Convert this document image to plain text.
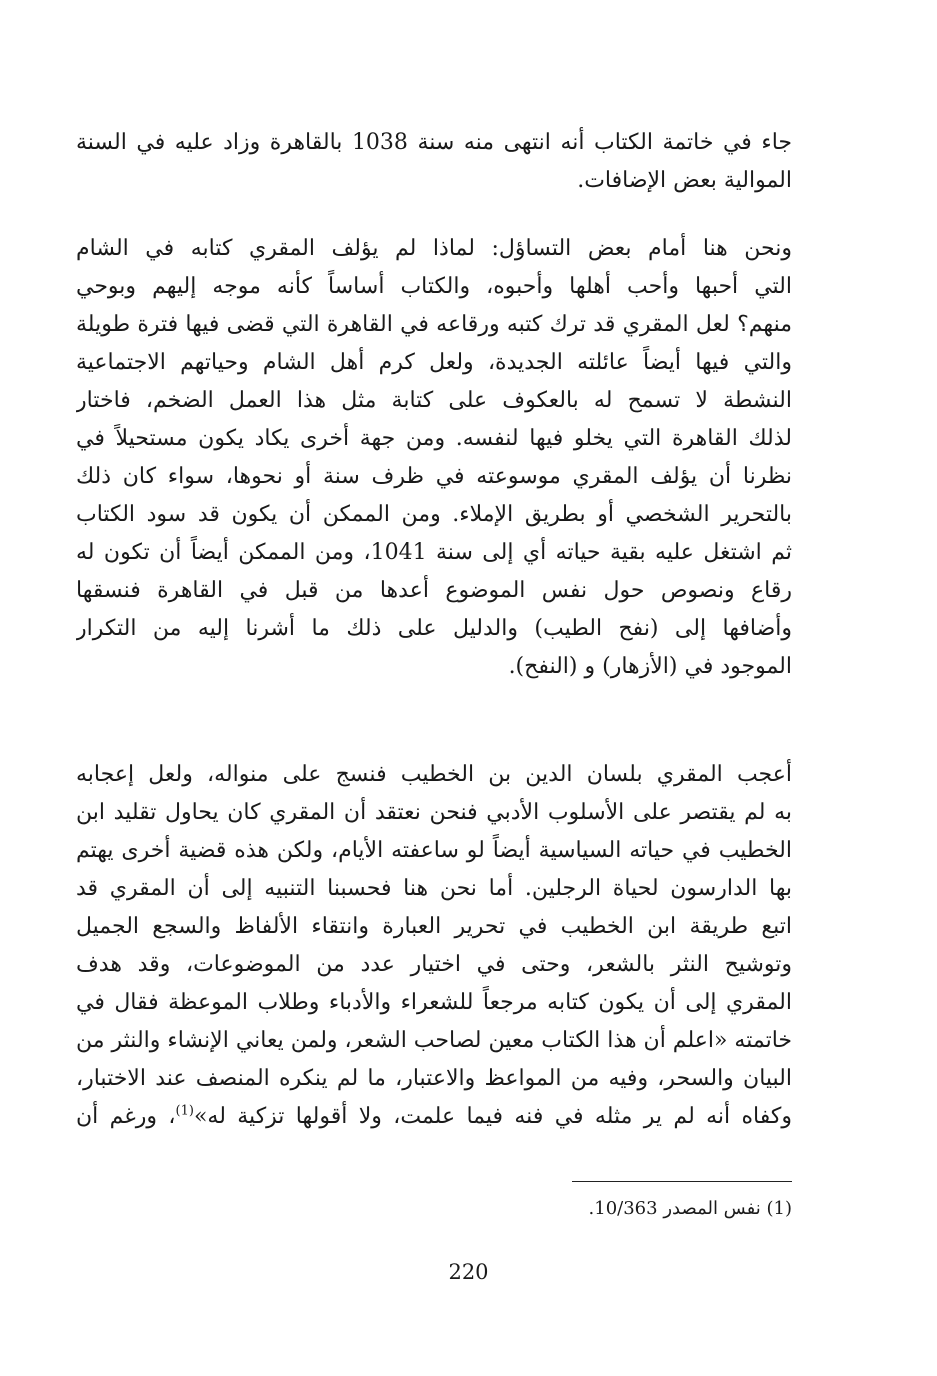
جاء في خاتمة الكتاب أنه انتهى منه سنة 1038 بالقاهرة وزاد عليه في السنة
الموالية بعض الإضافات.
ونحن هنا أمام بعض التساؤل: لماذا لم يؤلف المقري كتابه في الشام
التي أحبها وأحب أهلها وأحبوه، والكتاب أساساً كأنه موجه إليهم وبوحي
منهم؟ لعل المقري قد ترك كتبه ورقاعه في القاهرة التي قضى فيها فترة طويلة
والتي فيها أيضاً عائلته الجديدة، ولعل كرم أهل الشام وحياتهم الاجتماعية
النشطة لا تسمح له بالعكوف على كتابة مثل هذا العمل الضخم، فاختار
لذلك القاهرة التي يخلو فيها لنفسه. ومن جهة أخرى يكاد يكون مستحيلاً في
نظرنا أن يؤلف المقري موسوعته في ظرف سنة أو نحوها، سواء كان ذلك
بالتحرير الشخصي أو بطريق الإملاء. ومن الممكن أن يكون قد سود الكتاب
ثم اشتغل عليه بقية حياته أي إلى سنة 1041، ومن الممكن أيضاً أن تكون له
رقاع ونصوص حول نفس الموضوع أعدها من قبل في القاهرة فنسقها
وأضافها إلى (نفح الطيب) والدليل على ذلك ما أشرنا إليه من التكرار
الموجود في (الأزهار) و (النفح).
أعجب المقري بلسان الدين بن الخطيب فنسج على منواله، ولعل إعجابه
به لم يقتصر على الأسلوب الأدبي فنحن نعتقد أن المقري كان يحاول تقليد ابن
الخطيب في حياته السياسية أيضاً لو ساعفته الأيام، ولكن هذه قضية أخرى يهتم
بها الدارسون لحياة الرجلين. أما نحن هنا فحسبنا التنبيه إلى أن المقري قد
اتبع طريقة ابن الخطيب في تحرير العبارة وانتقاء الألفاظ والسجع الجميل
وتوشيح النثر بالشعر، وحتى في اختيار عدد من الموضوعات، وقد هدف
المقري إلى أن يكون كتابه مرجعاً للشعراء والأدباء وطلاب الموعظة فقال في
خاتمته «اعلم أن هذا الكتاب معين لصاحب الشعر، ولمن يعاني الإنشاء والنثر من
البيان والسحر، وفيه من المواعظ والاعتبار، ما لم ينكره المنصف عند الاختبار،
وكفاه أنه لم ير مثله في فنه فيما علمت، ولا أقولها تزكية له»$^{(1)}$، ورغم أن
(1) نفس المصدر 10/363.
220
